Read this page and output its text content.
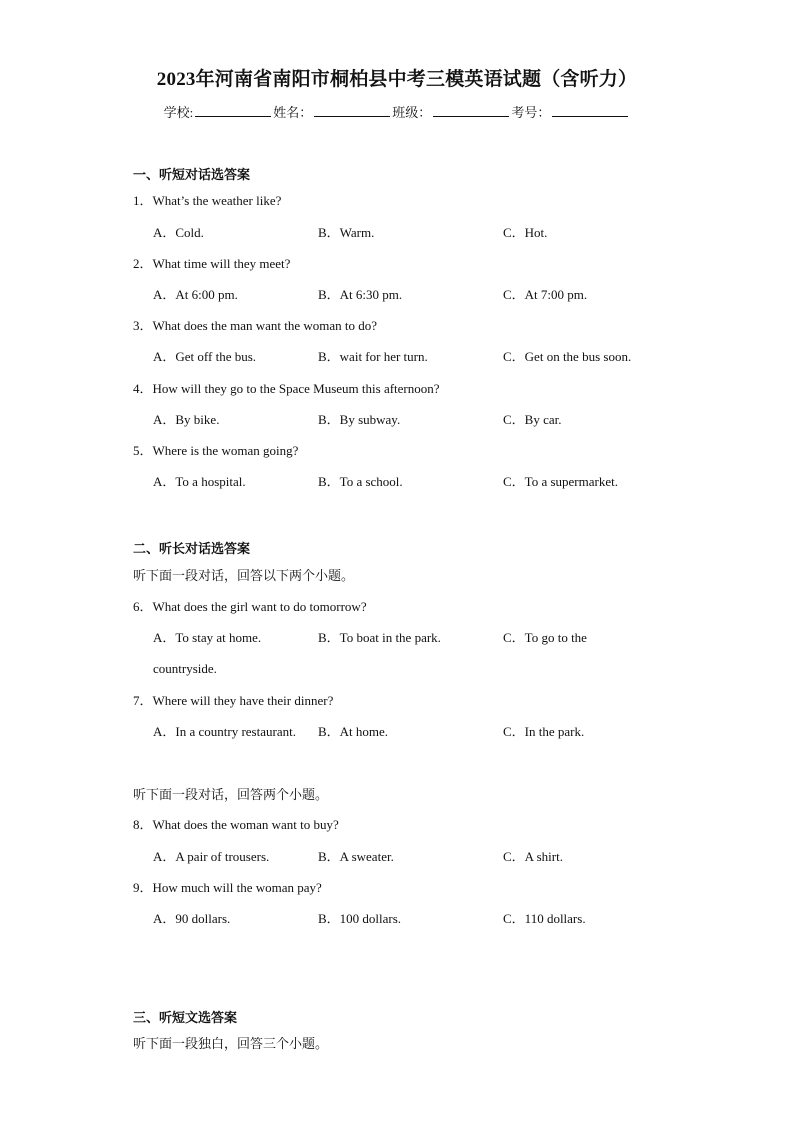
2023年河南省南阳市桐柏县中考三模英语试题（含听力）
学校:	姓名：	班级：	考号：
一、听短对话选答案
1．What’s the weather like?
A．Cold.	B．Warm.	C．Hot.
2．What time will they meet?
A．At 6:00 pm.	B．At 6:30 pm.	C．At 7:00 pm.
3．What does the man want the woman to do?
A．Get off the bus.	B．wait for her turn.	C．Get on the bus soon.
4．How will they go to the Space Museum this afternoon?
A．By bike.	B．By subway.	C．By car.
5．Where is the woman going?
A．To a hospital.	B．To a school.	C．To a supermarket.
二、听长对话选答案
听下面一段对话，回答以下两个小题。
6．What does the girl want to do tomorrow?
A．To stay at home.	B．To boat in the park.	C．To go to the
countryside.
7．Where will they have their dinner?
A．In a country restaurant. B．At home.	C．In the park.
听下面一段对话，回答两个小题。
8．What does the woman want to buy?
A．A pair of trousers.	B．A sweater.	C．A shirt.
9．How much will the woman pay?
A．90 dollars.	B．100 dollars.	C．110 dollars.
三、听短文选答案
听下面一段独白，回答三个小题。
